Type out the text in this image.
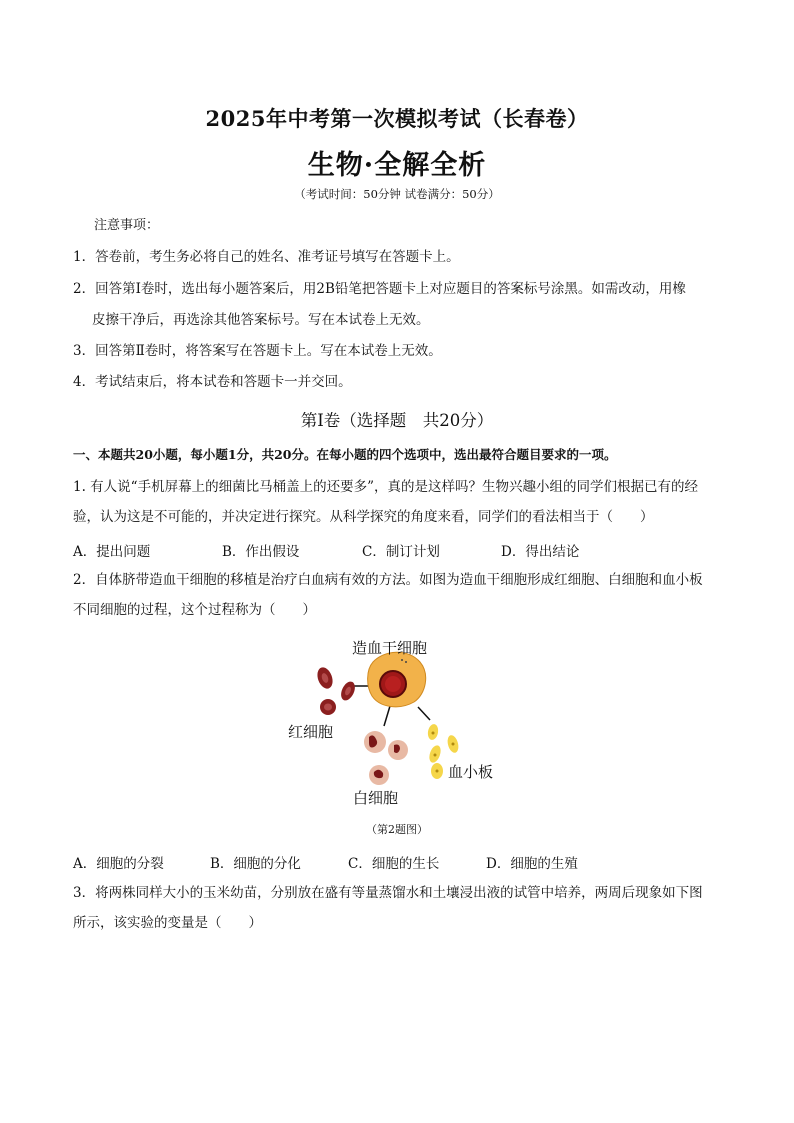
2025年中考第一次模拟考试（长春卷）
生物·全解全析
（考试时间：50分钟 试卷满分：50分）
注意事项：
1．答卷前，考生务必将自己的姓名、准考证号填写在答题卡上。
2．回答第Ⅰ卷时，选出每小题答案后，用2B铅笔把答题卡上对应题目的答案标号涂黑。如需改动，用橡
皮擦干净后，再选涂其他答案标号。写在本试卷上无效。
3．回答第Ⅱ卷时，将答案写在答题卡上。写在本试卷上无效。
4．考试结束后，将本试卷和答题卡一并交回。
第Ⅰ卷（选择题　共20分）
一、本题共20小题，每小题1分，共20分。在每小题的四个选项中，选出最符合题目要求的一项。
1. 有人说“手机屏幕上的细菌比马桶盖上的还要多”，真的是这样吗？生物兴趣小组的同学们根据已有的经
验，认为这是不可能的，并决定进行探究。从科学探究的角度来看，同学们的看法相当于（　　）
A．提出问题	B．作出假设	C．制订计划	D．得出结论
2．自体脐带造血干细胞的移植是治疗白血病有效的方法。如图为造血干细胞形成红细胞、白细胞和血小板
不同细胞的过程，这个过程称为（　　）
造血干细胞
红细胞
血小板
白细胞
（第2题图）
A．细胞的分裂	B．细胞的分化	C．细胞的生长	D．细胞的生殖
3．将两株同样大小的玉米幼苗，分别放在盛有等量蒸馏水和土壤浸出液的试管中培养，两周后现象如下图
所示，该实验的变量是（　　）
